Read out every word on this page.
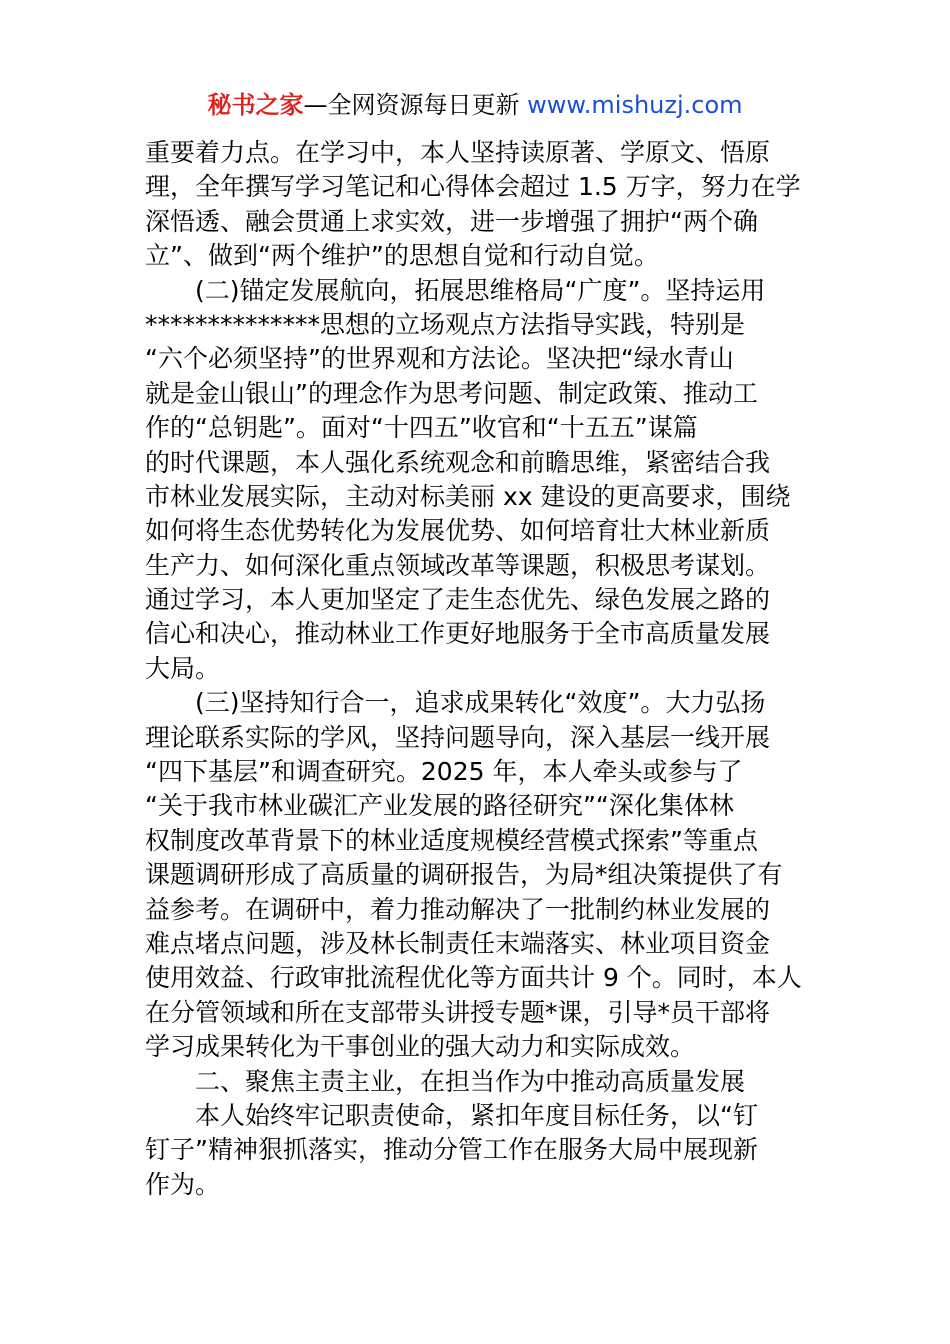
秘书之家—全网资源每日更新 www.mishuzj.com
重要着力点。在学习中，本人坚持读原著、学原文、悟原
理，全年撰写学习笔记和心得体会超过 1.5 万字，努力在学
深悟透、融会贯通上求实效，进一步增强了拥护“两个确
立”、做到“两个维护”的思想自觉和行动自觉。
(二)锚定发展航向，拓展思维格局“广度”。坚持运用
**************思想的立场观点方法指导实践，特别是
“六个必须坚持”的世界观和方法论。坚决把“绿水青山
就是金山银山”的理念作为思考问题、制定政策、推动工
作的“总钥匙”。面对“十四五”收官和“十五五”谋篇
的时代课题，本人强化系统观念和前瞻思维，紧密结合我
市林业发展实际，主动对标美丽 xx 建设的更高要求，围绕
如何将生态优势转化为发展优势、如何培育壮大林业新质
生产力、如何深化重点领域改革等课题，积极思考谋划。
通过学习，本人更加坚定了走生态优先、绿色发展之路的
信心和决心，推动林业工作更好地服务于全市高质量发展
大局。
(三)坚持知行合一，追求成果转化“效度”。大力弘扬
理论联系实际的学风，坚持问题导向，深入基层一线开展
“四下基层”和调查研究。2025 年，本人牵头或参与了
“关于我市林业碳汇产业发展的路径研究”“深化集体林
权制度改革背景下的林业适度规模经营模式探索”等重点
课题调研形成了高质量的调研报告，为局*组决策提供了有
益参考。在调研中，着力推动解决了一批制约林业发展的
难点堵点问题，涉及林长制责任末端落实、林业项目资金
使用效益、行政审批流程优化等方面共计 9 个。同时，本人
在分管领域和所在支部带头讲授专题*课，引导*员干部将
学习成果转化为干事创业的强大动力和实际成效。
二、聚焦主责主业，在担当作为中推动高质量发展
本人始终牢记职责使命，紧扣年度目标任务，以“钉
钉子”精神狠抓落实，推动分管工作在服务大局中展现新
作为。
